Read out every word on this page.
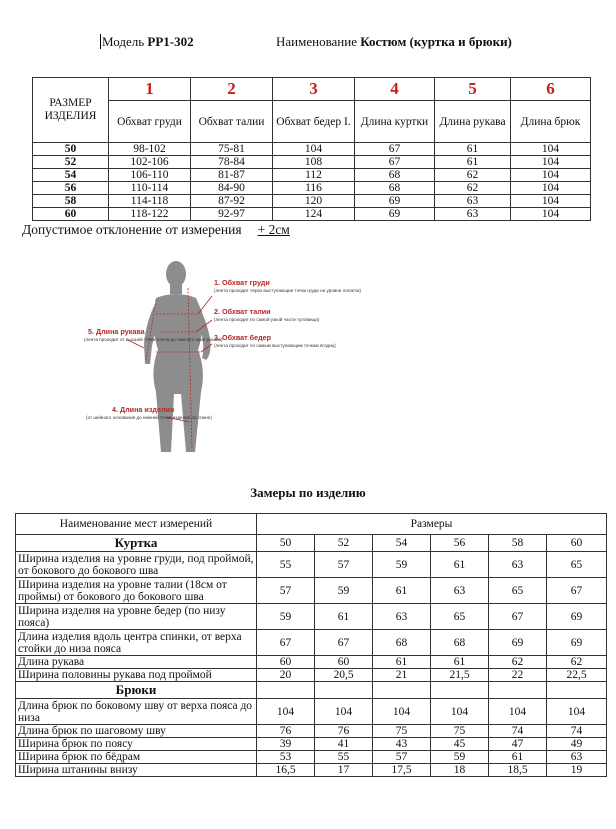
Модель PP1-302	Наименование Костюм (куртка и брюки)
РАЗМЕР ИЗДЕЛИЯ	1	2	3	4	5	6
	Обхват груди	Обхват талии	Обхват бедер I.	Длина куртки	Длина рукава	Длина брюк
50	98-102	75-81	104	67	61	104
52	102-106	78-84	108	67	61	104
54	106-110	81-87	112	68	62	104
56	110-114	84-90	116	68	62	104
58	114-118	87-92	120	69	63	104
60	118-122	92-97	124	69	63	104
Допустимое отклонение от измерения + 2см
1. Обхват груди
(лента проходит через выступающие точки груди на уровне лопаток)
2. Обхват талии
(лента проходит по самой узкой части туловища)
3. Обхват бедер
(лента проходит по самым выступающим точкам ягодиц)
4. Длина изделия
(от шейного основания до нижней точки изделия по спине)
5. Длина рукава
(лента проходит от высшей точки плеча до нижнего края рукава)
Замеры по изделию
Наименование мест измерений	Размеры					
Куртка	50	52	54	56	58	60
Ширина изделия на уровне груди, под проймой, от бокового до бокового шва	55	57	59	61	63	65
Ширина изделия на уровне талии (18см от проймы) от бокового до бокового шва	57	59	61	63	65	67
Ширина изделия на уровне бедер (по низу пояса)	59	61	63	65	67	69
Длина изделия вдоль центра спинки, от верха стойки до низа пояса	67	67	68	68	69	69
Длина рукава	60	60	61	61	62	62
Ширина половины рукава под проймой	20	20,5	21	21,5	22	22,5
Брюки						
Длина брюк по боковому шву от верха пояса до низа	104	104	104	104	104	104
Длина брюк по шаговому шву	76	76	75	75	74	74
Ширина брюк по поясу	39	41	43	45	47	49
Ширина брюк по бёдрам	53	55	57	59	61	63
Ширина штанины внизу	16,5	17	17,5	18	18,5	19
